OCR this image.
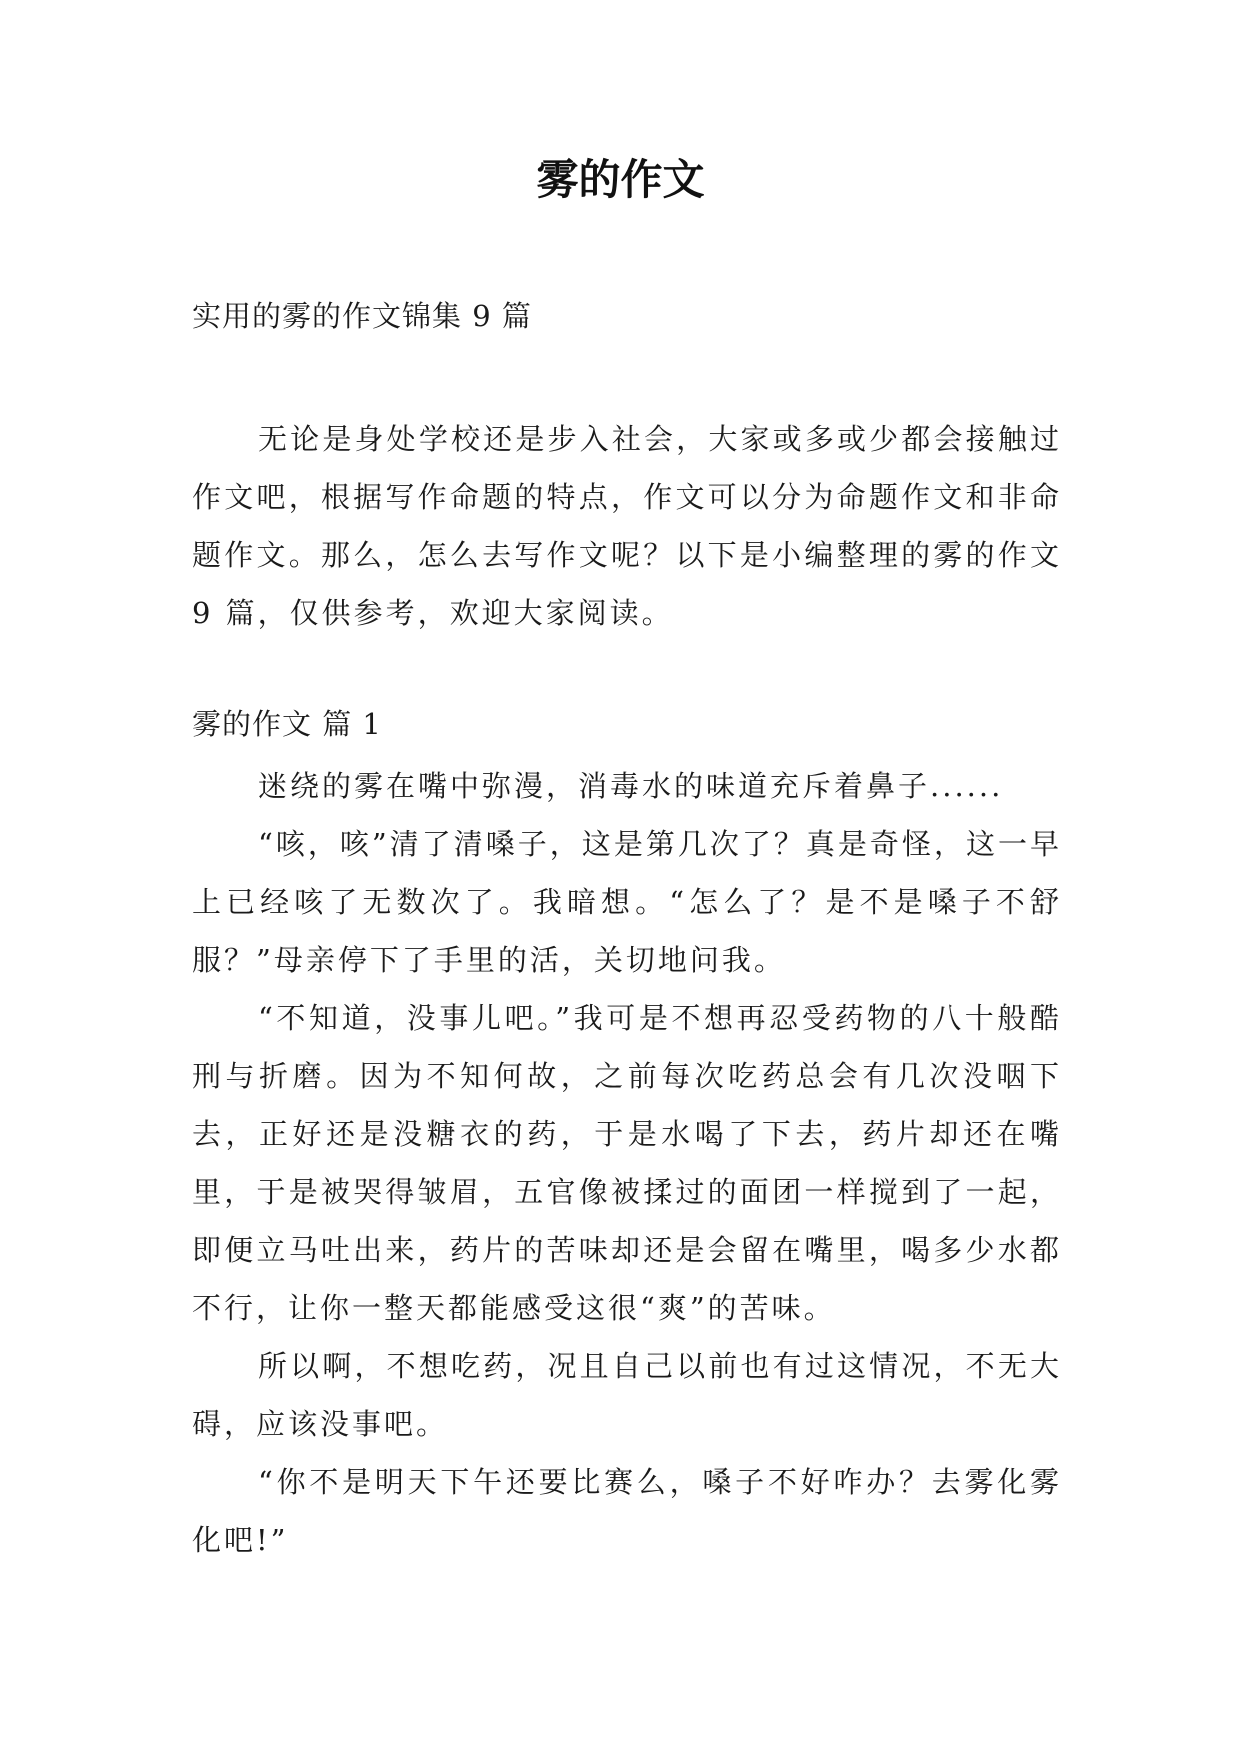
雾的作文
实用的雾的作文锦集 9 篇

无论是身处学校还是步入社会，大家或多或少都会接触过作文吧，根据写作命题的特点，作文可以分为命题作文和非命题作文。那么，怎么去写作文呢？以下是小编整理的雾的作文 9 篇，仅供参考，欢迎大家阅读。

雾的作文 篇 1

迷绕的雾在嘴中弥漫，消毒水的味道充斥着鼻子......

“咳，咳”清了清嗓子，这是第几次了？真是奇怪，这一早上已经咳了无数次了。我暗想。“怎么了？是不是嗓子不舒服？”母亲停下了手里的活，关切地问我。

“不知道，没事儿吧。”我可是不想再忍受药物的八十般酷刑与折磨。因为不知何故，之前每次吃药总会有几次没咽下去，正好还是没糖衣的药，于是水喝了下去，药片却还在嘴里，于是被哭得皱眉，五官像被揉过的面团一样搅到了一起，即便立马吐出来，药片的苦味却还是会留在嘴里，喝多少水都不行，让你一整天都能感受这很“爽”的苦味。

所以啊，不想吃药，况且自己以前也有过这情况，不无大碍，应该没事吧。

“你不是明天下午还要比赛么，嗓子不好咋办？去雾化雾化吧!”
